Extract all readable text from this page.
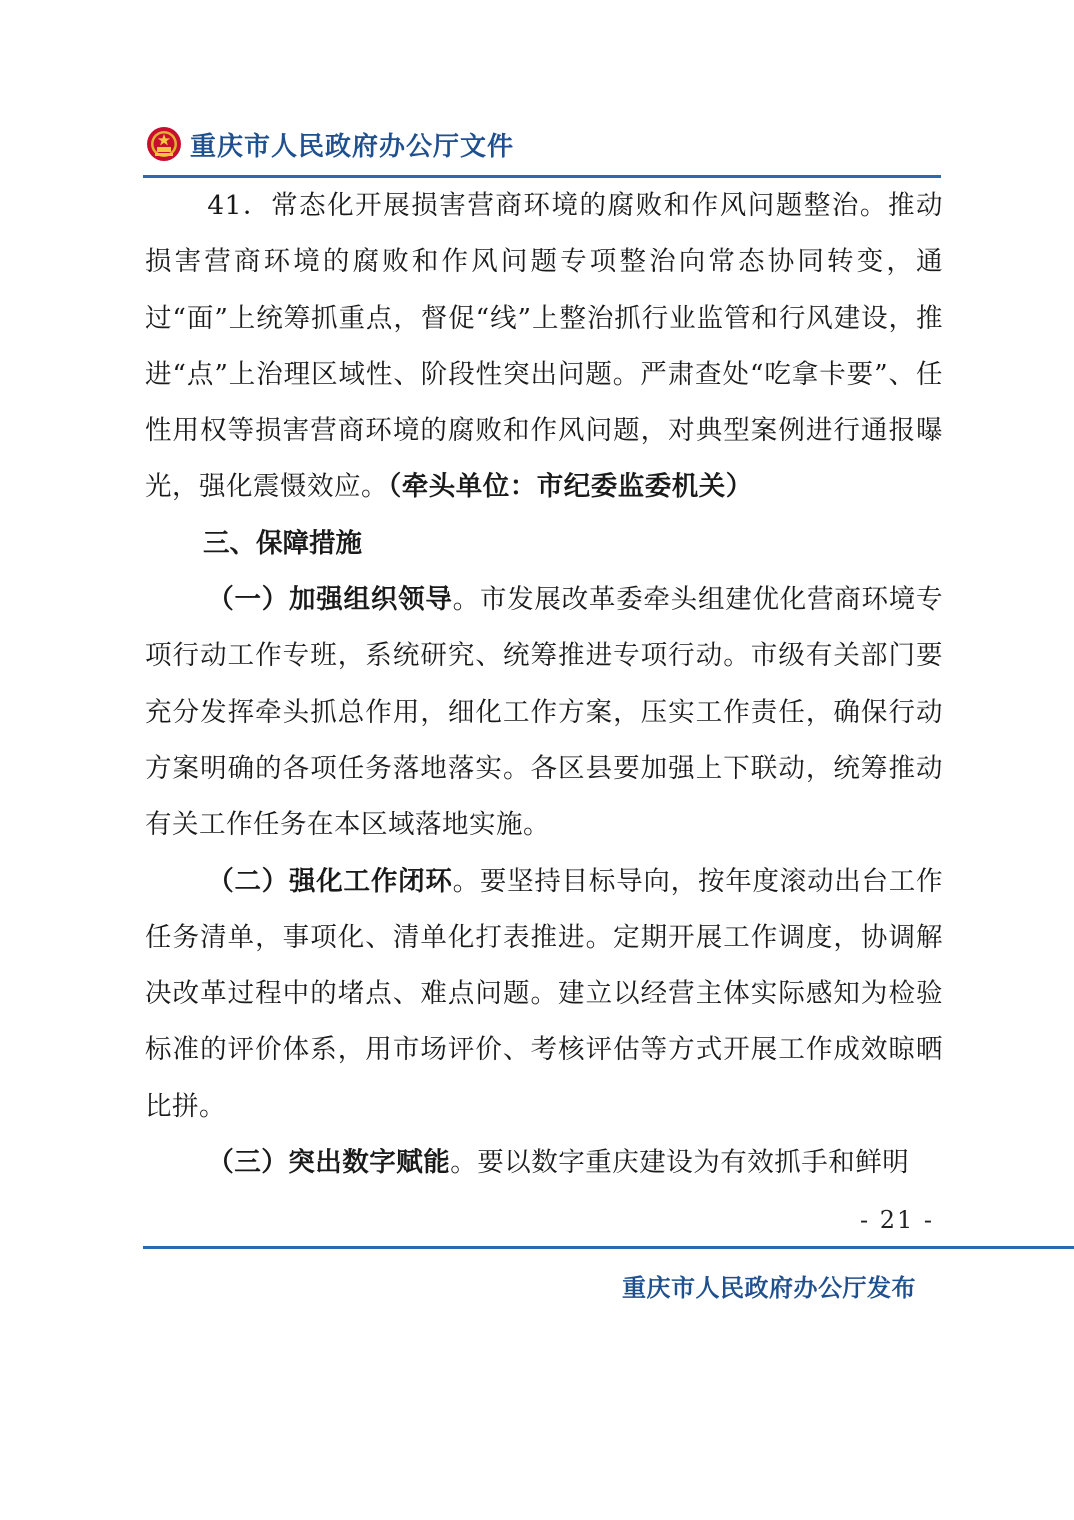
重庆市人民政府办公厅文件

41．常态化开展损害营商环境的腐败和作风问题整治。推动损害营商环境的腐败和作风问题专项整治向常态协同转变，通过“面”上统筹抓重点，督促“线”上整治抓行业监管和行风建设，推进“点”上治理区域性、阶段性突出问题。严肃查处“吃拿卡要”、任性用权等损害营商环境的腐败和作风问题，对典型案例进行通报曝光，强化震慑效应。（牵头单位：市纪委监委机关）

三、保障措施

（一）加强组织领导。市发展改革委牵头组建优化营商环境专项行动工作专班，系统研究、统筹推进专项行动。市级有关部门要充分发挥牵头抓总作用，细化工作方案，压实工作责任，确保行动方案明确的各项任务落地落实。各区县要加强上下联动，统筹推动有关工作任务在本区域落地实施。

（二）强化工作闭环。要坚持目标导向，按年度滚动出台工作任务清单，事项化、清单化打表推进。定期开展工作调度，协调解决改革过程中的堵点、难点问题。建立以经营主体实际感知为检验标准的评价体系，用市场评价、考核评估等方式开展工作成效晾晒比拼。

（三）突出数字赋能。要以数字重庆建设为有效抓手和鲜明

- 21 -
重庆市人民政府办公厅发布
